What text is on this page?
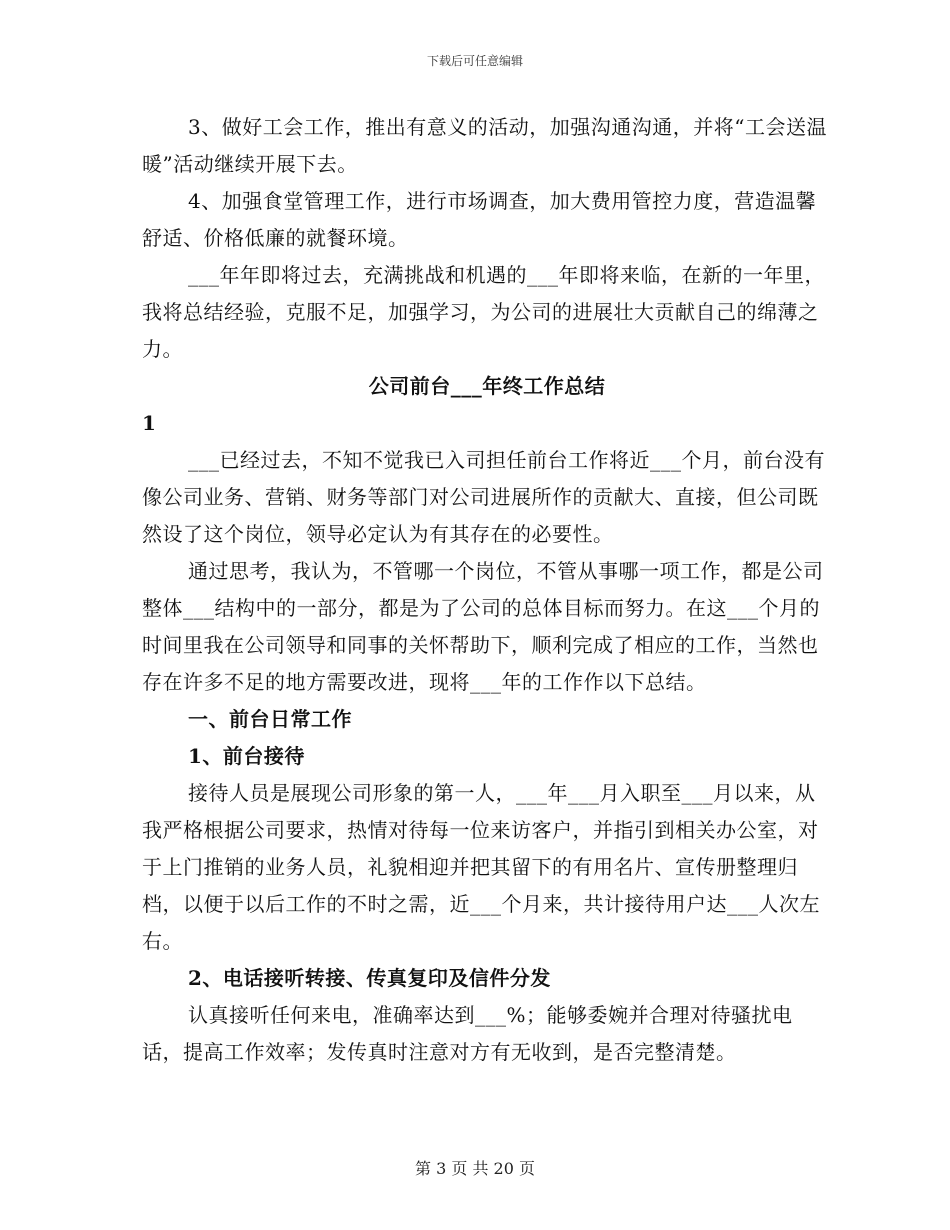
下载后可任意编辑

3、做好工会工作，推出有意义的活动，加强沟通沟通，并将“工会送温暖”活动继续开展下去。

4、加强食堂管理工作，进行市场调查，加大费用管控力度，营造温馨舒适、价格低廉的就餐环境。

___年年即将过去，充满挑战和机遇的___年即将来临，在新的一年里，我将总结经验，克服不足，加强学习，为公司的进展壮大贡献自己的绵薄之力。

公司前台___年终工作总结

1

___已经过去，不知不觉我已入司担任前台工作将近___个月，前台没有像公司业务、营销、财务等部门对公司进展所作的贡献大、直接，但公司既然设了这个岗位，领导必定认为有其存在的必要性。

通过思考，我认为，不管哪一个岗位，不管从事哪一项工作，都是公司整体___结构中的一部分，都是为了公司的总体目标而努力。在这___个月的时间里我在公司领导和同事的关怀帮助下，顺利完成了相应的工作，当然也存在许多不足的地方需要改进，现将___年的工作作以下总结。

一、前台日常工作

1、前台接待

接待人员是展现公司形象的第一人，___年___月入职至___月以来，从我严格根据公司要求，热情对待每一位来访客户，并指引到相关办公室，对于上门推销的业务人员，礼貌相迎并把其留下的有用名片、宣传册整理归档，以便于以后工作的不时之需，近___个月来，共计接待用户达___人次左右。

2、电话接听转接、传真复印及信件分发

认真接听任何来电，准确率达到___%；能够委婉并合理对待骚扰电话，提高工作效率；发传真时注意对方有无收到，是否完整清楚。

第 3 页 共 20 页
